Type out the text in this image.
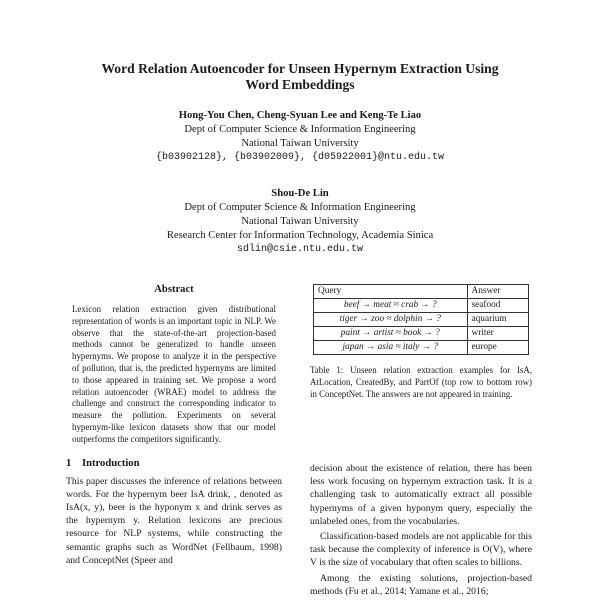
Word Relation Autoencoder for Unseen Hypernym Extraction Using
Word Embeddings
Hong-You Chen, Cheng-Syuan Lee and Keng-Te Liao
Dept of Computer Science & Information Engineering
National Taiwan University
{b03902128}, {b03902009}, {d05922001}@ntu.edu.tw
Shou-De Lin
Dept of Computer Science & Information Engineering
National Taiwan University
Research Center for Information Technology, Academia Sinica
sdlin@csie.ntu.edu.tw
Abstract

Lexicon relation extraction given distributional representation of words is an important topic in NLP. We observe that the state-of-the-art projection-based methods cannot be generalized to handle unseen hypernyms. We propose to analyze it in the perspective of pollution, that is, the predicted hypernyms are limited to those appeared in training set. We propose a word relation autoencoder (WRAE) model to address the challenge and construct the corresponding indicator to measure the pollution. Experiments on several hypernym-like lexicon datasets show that our model outperforms the competitors significantly.

1 Introduction

This paper discusses the inference of relations between words. For the hypernym beer IsA drink, , denoted as IsA(x, y), beer is the hyponym x and drink serves as the hypernym y. Relation lexicons are precious resource for NLP systems, while constructing the semantic graphs such as WordNet (Fellbaum, 1998) and ConceptNet (Speer and

Query	Answer
beef → meat ≈ crab → ?	seafood
tiger → zoo ≈ dolphin → ?	aquarium
paint → artist ≈ book → ?	writer
japan → asia ≈ italy → ?	europe

Table 1: Unseen relation extraction examples for IsA, AtLocation, CreatedBy, and PartOf (top row to bottom row) in ConceptNet. The answers are not appeared in training.

decision about the existence of relation, there has been less work focusing on hypernym extraction task. It is a challenging task to automatically extract all possible hypernyms of a given hyponym query, especially the unlabeled ones, from the vocabularies.

Classification-based models are not applicable for this task because the complexity of inference is O(V), where V is the size of vocabulary that often scales to billions.

Among the existing solutions, projection-based methods (Fu et al., 2014; Yamane et al., 2016;
